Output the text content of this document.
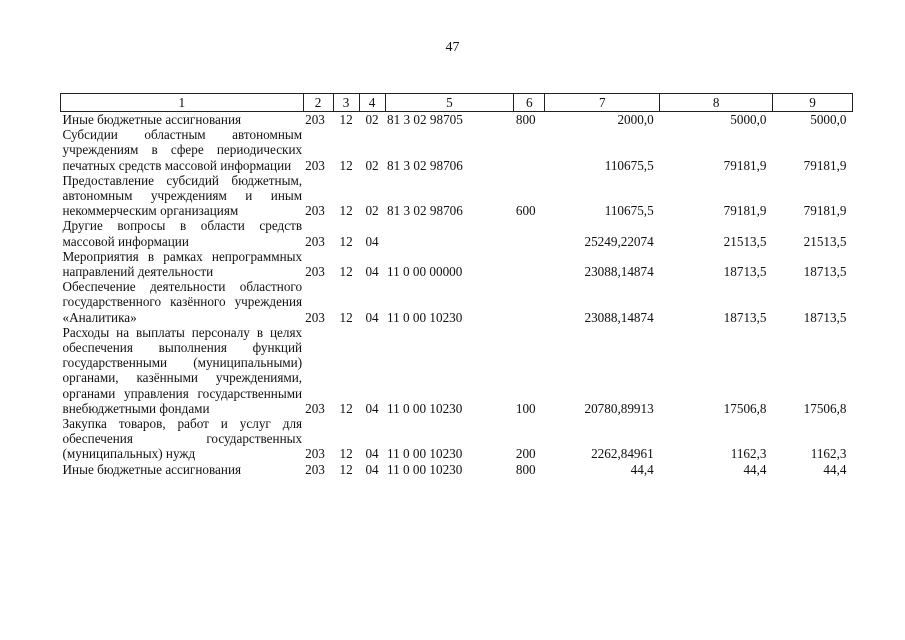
47
1	2	3	4	5	6	7	8	9
Иные бюджетные ассигнования	203	12	02	81 3 02 98705	800	2000,0	5000,0	5000,0
Субсидии областным автономным учреждениям в сфере периодических печатных средств массовой информации	203	12	02	81 3 02 98706		110675,5	79181,9	79181,9
Предоставление субсидий бюджетным, автономным учреждениям и иным некоммерческим организациям	203	12	02	81 3 02 98706	600	110675,5	79181,9	79181,9
Другие вопросы в области средств массовой информации	203	12	04			25249,22074	21513,5	21513,5
Мероприятия в рамках непрограммных направлений деятельности	203	12	04	11 0 00 00000		23088,14874	18713,5	18713,5
Обеспечение деятельности областного государственного казённого учреждения «Аналитика»	203	12	04	11 0 00 10230		23088,14874	18713,5	18713,5
Расходы на выплаты персоналу в целях обеспечения выполнения функций государственными (муниципальными) органами, казёнными учреждениями, органами управления государственными внебюджетными фондами	203	12	04	11 0 00 10230	100	20780,89913	17506,8	17506,8
Закупка товаров, работ и услуг для обеспечения государственных (муниципальных) нужд	203	12	04	11 0 00 10230	200	2262,84961	1162,3	1162,3
Иные бюджетные ассигнования	203	12	04	11 0 00 10230	800	44,4	44,4	44,4
